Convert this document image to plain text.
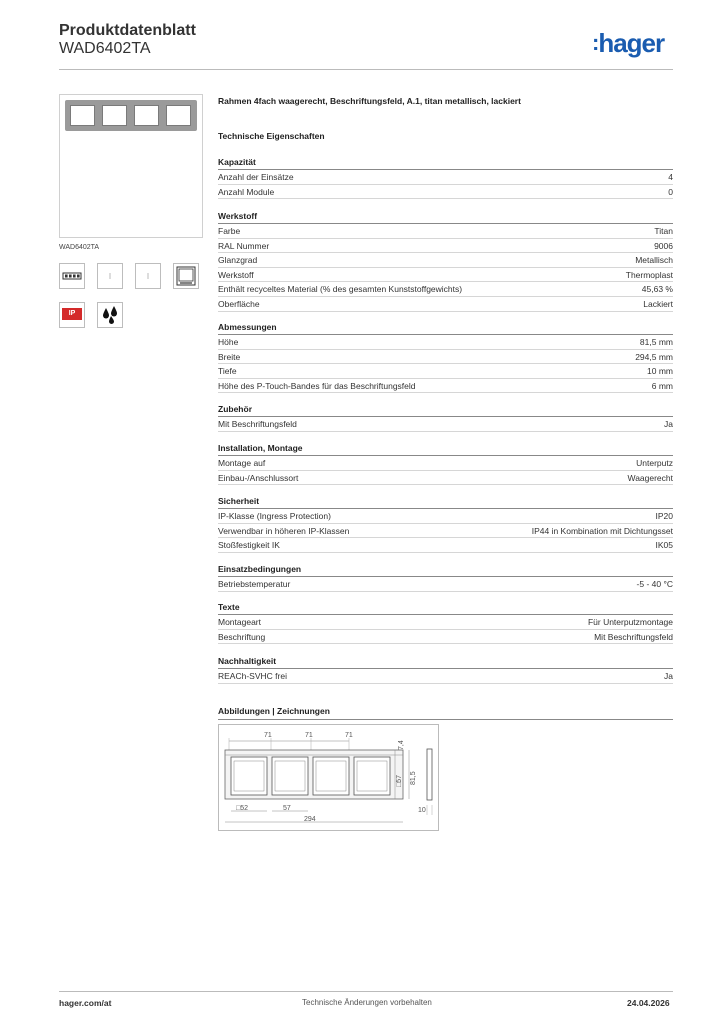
Produktdatenblatt
WAD6402TA	:hager
WAD6402TA
IP
Rahmen 4fach waagerecht, Beschriftungsfeld, A.1, titan metallisch, lackiert
Technische Eigenschaften
Kapazität
Anzahl der Einsätze	4
Anzahl Module	0
Werkstoff
Farbe	Titan
RAL Nummer	9006
Glanzgrad	Metallisch
Werkstoff	Thermoplast
Enthält recyceltes Material (% des gesamten Kunststoffgewichts)	45,63 %
Oberfläche	Lackiert
Abmessungen
Höhe	81,5 mm
Breite	294,5 mm
Tiefe	10 mm
Höhe des P-Touch-Bandes für das Beschriftungsfeld	6 mm
Zubehör
Mit Beschriftungsfeld	Ja
Installation, Montage
Montage auf	Unterputz
Einbau-/Anschlussort	Waagerecht
Sicherheit
IP-Klasse (Ingress Protection)	IP20
Verwendbar in höheren IP-Klassen	IP44 in Kombination mit Dichtungsset
Stoßfestigkeit IK	IK05
Einsatzbedingungen
Betriebstemperatur	-5 - 40 °C
Texte
Montageart	Für Unterputzmontage
Beschriftung	Mit Beschriftungsfeld
Nachhaltigkeit
REACh-SVHC frei	Ja
Abbildungen | Zeichnungen
71	71	71
7,4
□57 81,5
10
□52	57
294
hager.com/at	Technische Änderungen vorbehalten	24.04.2026
